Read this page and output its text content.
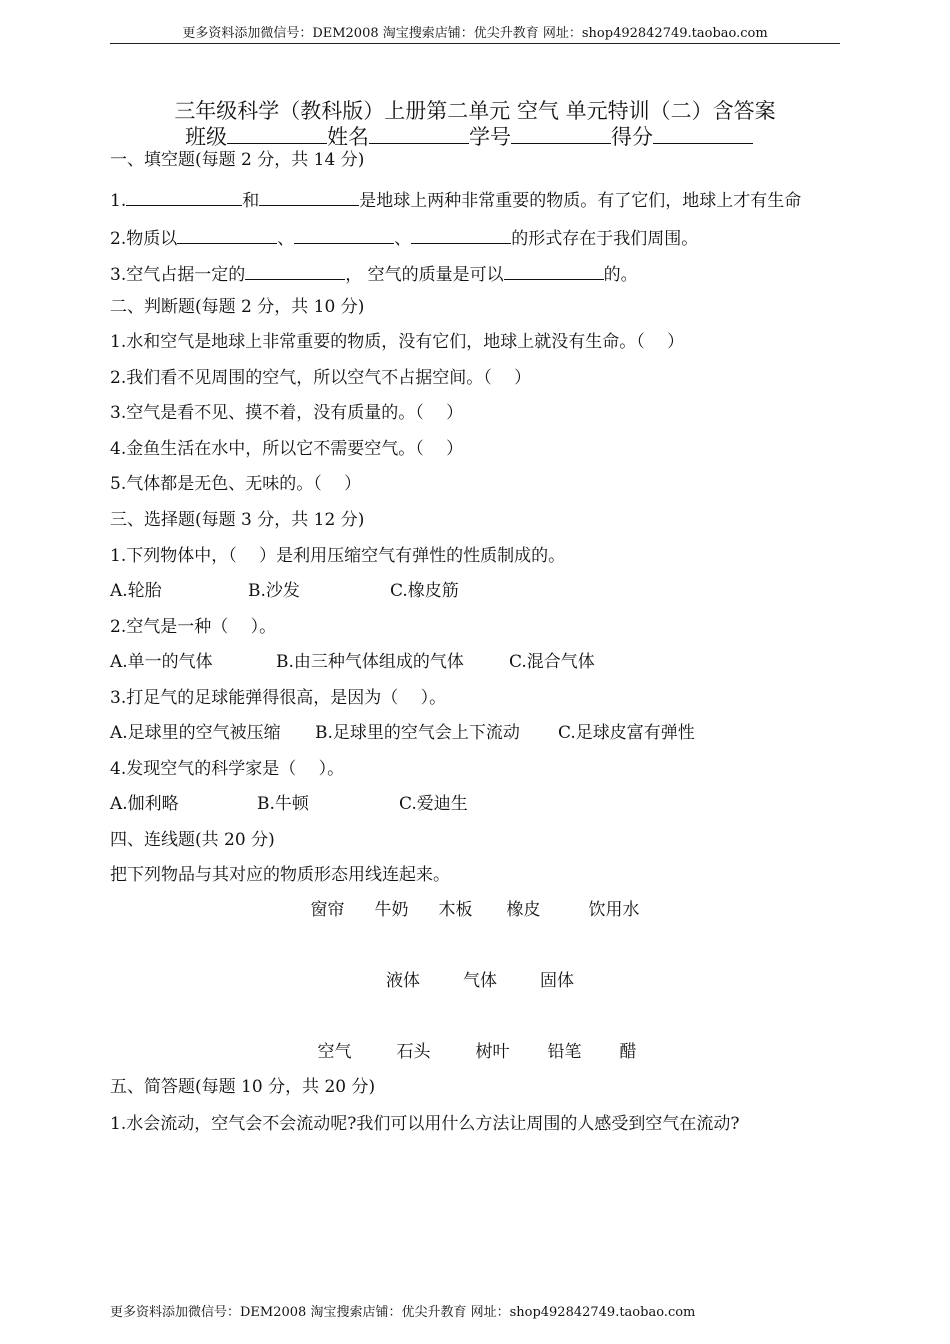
更多资料添加微信号：DEM2008 淘宝搜索店铺：优尖升教育 网址：shop492842749.taobao.com
三年级科学（教科版）上册第二单元 空气 单元特训（二）含答案
班级	姓名	学号	得分
一、填空题(每题 2 分，共 14 分)
1.	和	是地球上两种非常重要的物质。有了它们，地球上才有生命
2.物质以	、	、	的形式存在于我们周围。
3.空气占据一定的	， 空气的质量是可以	的。
二、判断题(每题 2 分，共 10 分)
1.水和空气是地球上非常重要的物质，没有它们，地球上就没有生命。（　 ）
2.我们看不见周围的空气，所以空气不占据空间。（　 ）
3.空气是看不见、摸不着，没有质量的。（　 ）
4.金鱼生活在水中，所以它不需要空气。（　 ）
5.气体都是无色、无味的。（　 ）
三、选择题(每题 3 分，共 12 分)
1.下列物体中，（　 ）是利用压缩空气有弹性的性质制成的。
A.轮胎	B.沙发	C.橡皮筋
2.空气是一种（　 ）。
A.单一的气体	B.由三种气体组成的气体	C.混合气体
3.打足气的足球能弹得很高，是因为（　 ）。
A.足球里的空气被压缩 B.足球里的空气会上下流动 C.足球皮富有弹性
4.发现空气的科学家是（　 ）。
A.伽利略	B.牛顿	C.爱迪生
四、连线题(共 20 分)
把下列物品与其对应的物质形态用线连起来。
窗帘 牛奶 木板 橡皮	饮用水
液体	气体	固体
空气	石头	树叶 铅笔 醋
五、简答题(每题 10 分，共 20 分)
1.水会流动，空气会不会流动呢?我们可以用什么方法让周围的人感受到空气在流动?
更多资料添加微信号：DEM2008 淘宝搜索店铺：优尖升教育 网址：shop492842749.taobao.com
